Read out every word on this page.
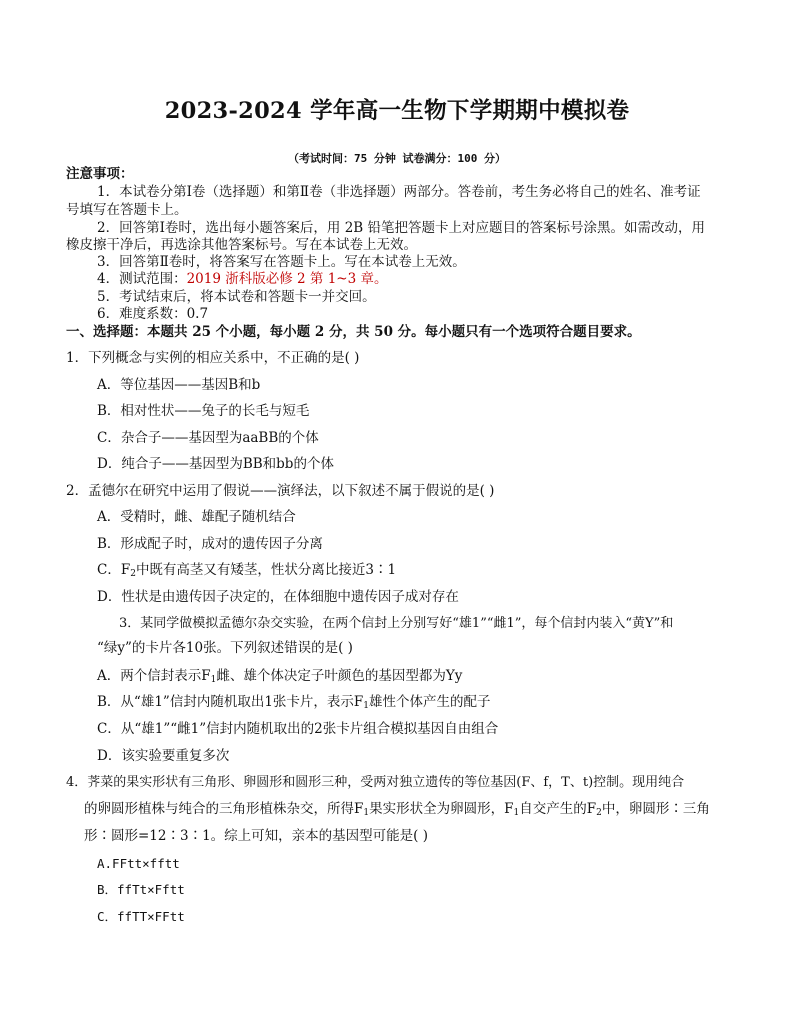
2023-2024 学年高一生物下学期期中模拟卷
（考试时间：75 分钟 试卷满分：100 分）
注意事项：
1．本试卷分第Ⅰ卷（选择题）和第Ⅱ卷（非选择题）两部分。答卷前，考生务必将自己的姓名、准考证
号填写在答题卡上。
2．回答第Ⅰ卷时，选出每小题答案后，用 2B 铅笔把答题卡上对应题目的答案标号涂黑。如需改动，用
橡皮擦干净后，再选涂其他答案标号。写在本试卷上无效。
3．回答第Ⅱ卷时，将答案写在答题卡上。写在本试卷上无效。
4．测试范围：2019 浙科版必修 2 第 1~3 章。
5．考试结束后，将本试卷和答题卡一并交回。
6．难度系数：0.7
一、选择题：本题共 25 个小题，每小题 2 分，共 50 分。每小题只有一个选项符合题目要求。
1．下列概念与实例的相应关系中，不正确的是( )
A．等位基因——基因B和b
B．相对性状——兔子的长毛与短毛
C．杂合子——基因型为aaBB的个体
D．纯合子——基因型为BB和bb的个体
2．孟德尔在研究中运用了假说——演绎法，以下叙述不属于假说的是( )
A．受精时，雌、雄配子随机结合
B．形成配子时，成对的遗传因子分离
C．$F_2$中既有高茎又有矮茎，性状分离比接近3∶1
D．性状是由遗传因子决定的，在体细胞中遗传因子成对存在
3．某同学做模拟孟德尔杂交实验，在两个信封上分别写好“雄1”“雌1”，每个信封内装入“黄Y”和
“绿y”的卡片各10张。下列叙述错误的是( )
A．两个信封表示$F_1$雌、雄个体决定子叶颜色的基因型都为Yy
B．从“雄1”信封内随机取出1张卡片，表示$F_1$雄性个体产生的配子
C．从“雄1”“雌1”信封内随机取出的2张卡片组合模拟基因自由组合
D．该实验要重复多次
4．荠菜的果实形状有三角形、卵圆形和圆形三种，受两对独立遗传的等位基因(F、f，T、t)控制。现用纯合
的卵圆形植株与纯合的三角形植株杂交，所得$F_1$果实形状全为卵圆形，$F_1$自交产生的$F_2$中，卵圆形∶三角
形∶圆形=12∶3∶1。综上可知，亲本的基因型可能是( )
A.FFtt×fftt
B．ffTt×Fftt
C．ffTT×FFtt
